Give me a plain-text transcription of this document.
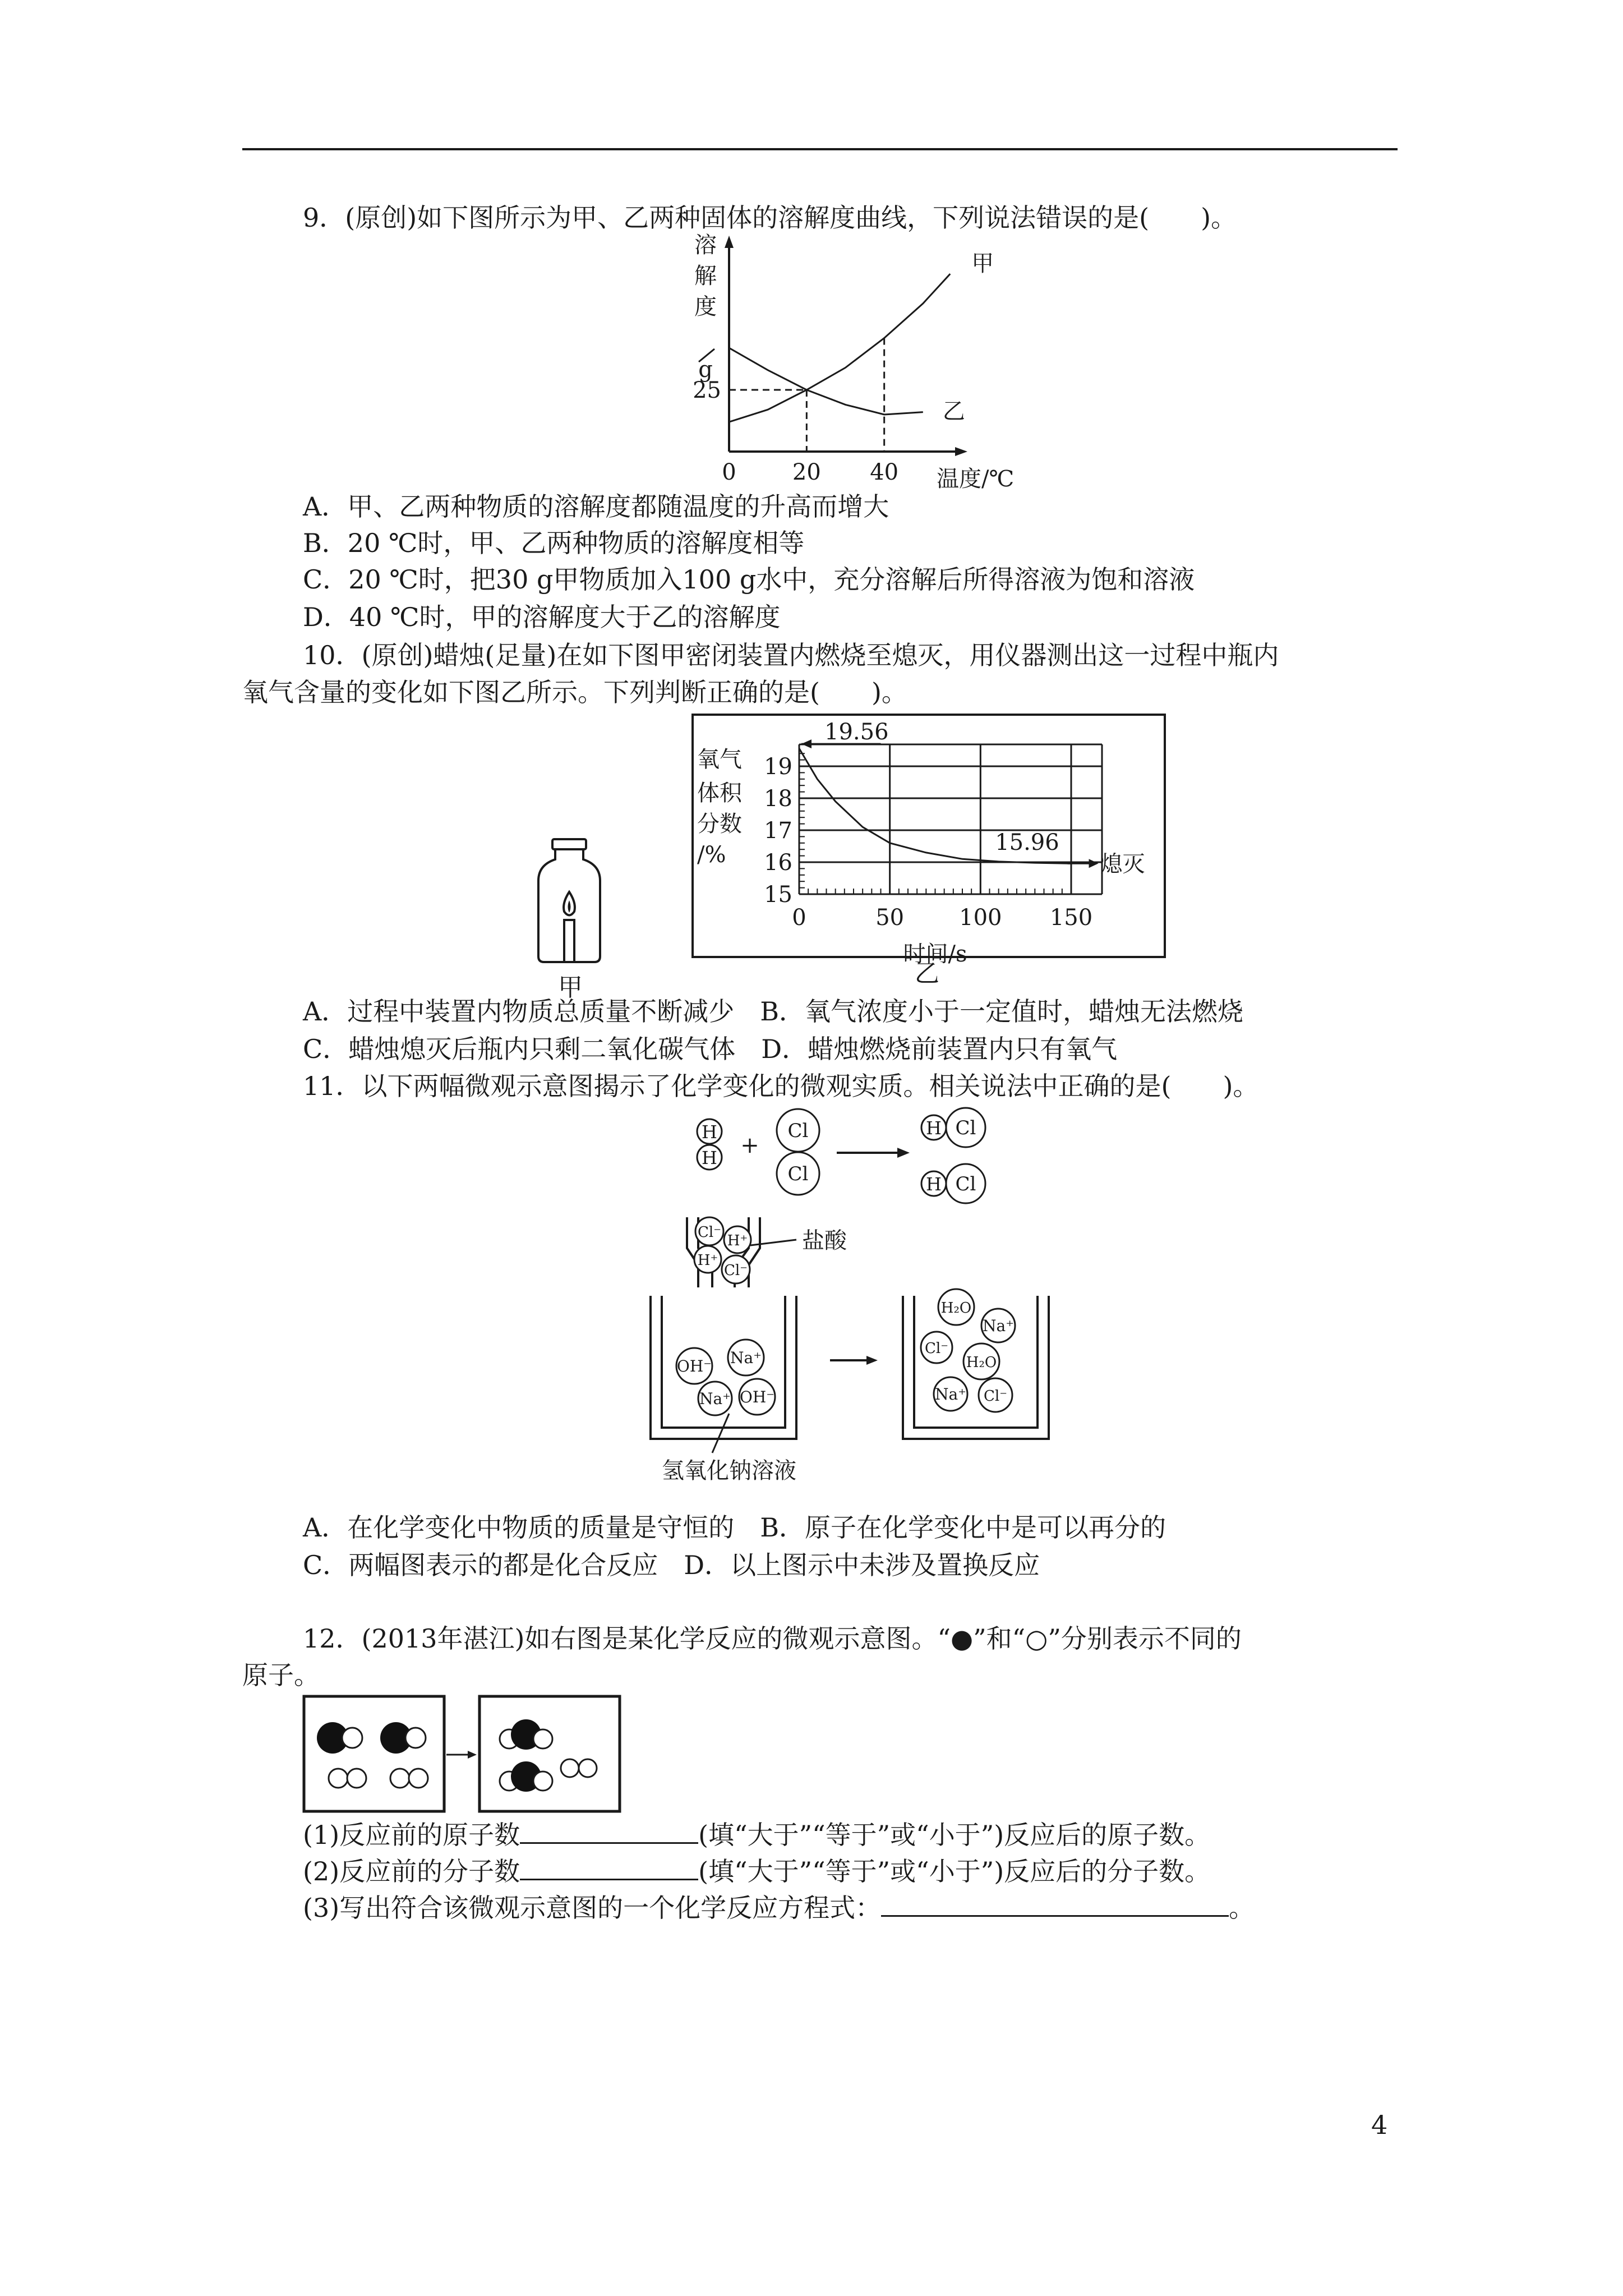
9．(原创)如下图所示为甲、乙两种固体的溶解度曲线，下列说法错误的是(　　)。
溶
解
度
g
甲
乙
25
0	20 40 温度/℃
A．甲、乙两种物质的溶解度都随温度的升高而增大
B．20 ℃时，甲、乙两种物质的溶解度相等
C．20 ℃时，把30 g甲物质加入100 g水中，充分溶解后所得溶液为饱和溶液
D．40 ℃时，甲的溶解度大于乙的溶解度
10．(原创)蜡烛(足量)在如下图甲密闭装置内燃烧至熄灭，用仪器测出这一过程中瓶内
氧气含量的变化如下图乙所示。下列判断正确的是(　　)。
甲
氧气
体积
分数
/%
15
16
17
18
19
0	50 100 150
时间/s
19.56
15.96
熄灭
乙
A．过程中装置内物质总质量不断减少　B．氧气浓度小于一定值时，蜡烛无法燃烧
C．蜡烛熄灭后瓶内只剩二氧化碳气体　D．蜡烛燃烧前装置内只有氧气
11．以下两幅微观示意图揭示了化学变化的微观实质。相关说法中正确的是(　　)。
H
H +
Cl
Cl
H Cl
H Cl
Cl⁻ H⁺
H⁺
Cl⁻
盐酸
OH⁻ Na⁺
Na⁺ OH⁻
氢氧化钠溶液
H₂O
Na⁺
Cl⁻
H₂O
Na⁺ Cl⁻
A．在化学变化中物质的质量是守恒的　B．原子在化学变化中是可以再分的
C．两幅图表示的都是化合反应　D．以上图示中未涉及置换反应
12．(2013年湛江)如右图是某化学反应的微观示意图。“●”和“○”分别表示不同的
原子。
(1)反应前的原子数	(填“大于”“等于”或“小于”)反应后的原子数。
(2)反应前的分子数	(填“大于”“等于”或“小于”)反应后的分子数。
(3)写出符合该微观示意图的一个化学反应方程式：	。
4
